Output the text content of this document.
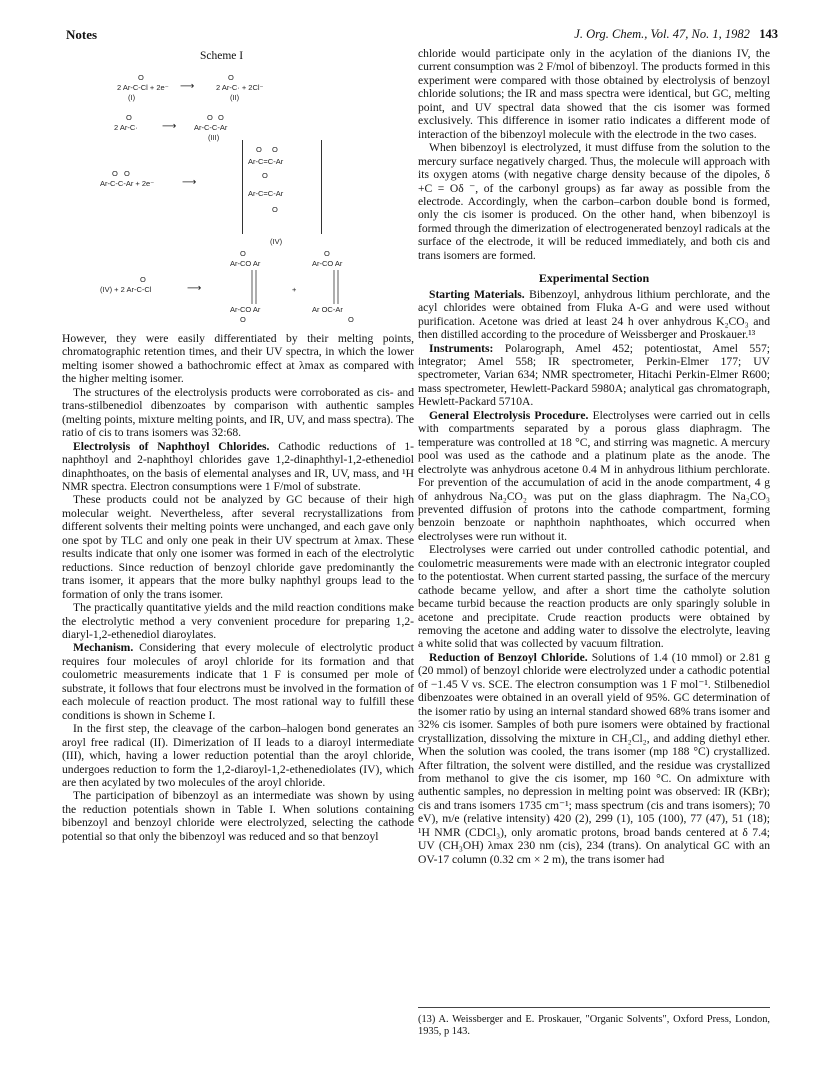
Notes	J. Org. Chem., Vol. 47, No. 1, 1982 143
Scheme I
O
2 Ar-C-Cl + 2e⁻
(I)
⟶
O
2 Ar-C· + 2Cl⁻
(II)
O
2 Ar-C· ⟶
O O
Ar-C-C-Ar
(III)
O O
Ar-C-C-Ar + 2e⁻	⟶
O O
Ar-C=C-Ar
O
Ar-C=C-Ar
O
(IV)
O
(IV) + 2 Ar-C-Cl	⟶
O
Ar-CO Ar
Ar-CO Ar
O
+
O
Ar-CO Ar
Ar OC-Ar
O

However, they were easily differentiated by their melting points, chromatographic retention times, and their UV spectra, in which the lower melting isomer showed a bathochromic effect at λmax as compared with the higher melting isomer.

The structures of the electrolysis products were corroborated as cis- and trans-stilbenediol dibenzoates by comparison with authentic samples (melting points, mixture melting points, and IR, UV, and mass spectra). The ratio of cis to trans isomers was 32:68.

Electrolysis of Naphthoyl Chlorides. Cathodic reductions of 1-naphthoyl and 2-naphthoyl chlorides gave 1,2-dinaphthyl-1,2-ethenediol dinaphthoates, on the basis of elemental analyses and IR, UV, mass, and ¹H NMR spectra. Electron consumptions were 1 F/mol of substrate.

These products could not be analyzed by GC because of their high molecular weight. Nevertheless, after several recrystallizations from different solvents their melting points were unchanged, and each gave only one spot by TLC and only one peak in their UV spectrum at λmax. These results indicate that only one isomer was formed in each of the electrolytic reductions. Since reduction of benzoyl chloride gave predominantly the trans isomer, it appears that the more bulky naphthyl groups lead to the formation of only the trans isomer.

The practically quantitative yields and the mild reaction conditions make the electrolytic method a very convenient procedure for preparing 1,2-diaryl-1,2-ethenediol diaroylates.

Mechanism. Considering that every molecule of electrolytic product requires four molecules of aroyl chloride for its formation and that coulometric measurements indicate that 1 F is consumed per mole of substrate, it follows that four electrons must be involved in the formation of each molecule of reaction product. The most rational way to fulfill these conditions is shown in Scheme I.

In the first step, the cleavage of the carbon–halogen bond generates an aroyl free radical (II). Dimerization of II leads to a diaroyl intermediate (III), which, having a lower reduction potential than the aroyl chloride, undergoes reduction to form the 1,2-diaroyl-1,2-ethenediolates (IV), which are then acylated by two molecules of the aroyl chloride.

The participation of bibenzoyl as an intermediate was shown by using the reduction potentials shown in Table I. When solutions containing bibenzoyl and benzoyl chloride were electrolyzed, selecting the cathode potential so that only the bibenzoyl was reduced and so that benzoyl

chloride would participate only in the acylation of the dianions IV, the current consumption was 2 F/mol of bibenzoyl. The products formed in this experiment were compared with those obtained by electrolysis of benzoyl chloride solutions; the IR and mass spectra were identical, but GC, melting point, and UV spectral data showed that the cis isomer was formed exclusively. This difference in isomer ratio indicates a different mode of interaction of the bibenzoyl molecule with the electrode in the two cases.

When bibenzoyl is electrolyzed, it must diffuse from the solution to the mercury surface negatively charged. Thus, the molecule will approach with its oxygen atoms (with negative charge density because of the dipoles, δ +C = Oδ ⁻, of the carbonyl groups) as far away as possible from the electrode. Accordingly, when the carbon–carbon double bond is formed, only the cis isomer is produced. On the other hand, when bibenzoyl is formed through the dimerization of electrogenerated benzoyl radicals at the surface of the electrode, it will be reduced immediately, and both cis and trans isomers are formed.

Experimental Section

Starting Materials. Bibenzoyl, anhydrous lithium perchlorate, and the acyl chlorides were obtained from Fluka A-G and were used without purification. Acetone was dried at least 24 h over anhydrous K₂CO₃ and then distilled according to the procedure of Weissberger and Proskauer.¹³

Instruments: Polarograph, Amel 452; potentiostat, Amel 557; integrator; Amel 558; IR spectrometer, Perkin-Elmer 177; UV spectrometer, Varian 634; NMR spectrometer, Hitachi Perkin-Elmer R600; mass spectrometer, Hewlett-Packard 5980A; analytical gas chromatograph, Hewlett-Packard 5710A.

General Electrolysis Procedure. Electrolyses were carried out in cells with compartments separated by a porous glass diaphragm. The temperature was controlled at 18 °C, and stirring was magnetic. A mercury pool was used as the cathode and a platinum plate as the anode. The electrolyte was anhydrous acetone 0.4 M in anhydrous lithium perchlorate. For prevention of the accumulation of acid in the anode compartment, 4 g of anhydrous Na₂CO₂ was put on the glass diaphragm. The Na₂CO₃ prevented diffusion of protons into the cathode compartment, forming benzoin benzoate or naphthoin naphthoates, which occurred when electrolyses were run without it.

Electrolyses were carried out under controlled cathodic potential, and coulometric measurements were made with an electronic integrator coupled to the potentiostat. When current started passing, the surface of the mercury cathode became yellow, and after a short time the catholyte solution became turbid because the reaction products are only sparingly soluble in acetone and precipitate. Crude reaction products were obtained by removing the acetone and adding water to dissolve the electrolyte, leaving a white solid that was collected by vacuum filtration.

Reduction of Benzoyl Chloride. Solutions of 1.4 (10 mmol) or 2.81 g (20 mmol) of benzoyl chloride were electrolyzed under a cathodic potential of −1.45 V vs. SCE. The electron consumption was 1 F mol⁻¹. Stilbenediol dibenzoates were obtained in an overall yield of 95%. GC determination of the isomer ratio by using an internal standard showed 68% trans isomer and 32% cis isomer. Samples of both pure isomers were obtained by fractional crystallization, dissolving the mixture in CH₂Cl₂, and adding diethyl ether. When the solution was cooled, the trans isomer (mp 188 °C) crystallized. After filtration, the solvent were distilled, and the residue was crystallized from methanol to give the cis isomer, mp 160 °C. On admixture with authentic samples, no depression in melting point was observed: IR (KBr); cis and trans isomers 1735 cm⁻¹; mass spectrum (cis and trans isomers); 70 eV), m/e (relative intensity) 420 (2), 299 (1), 105 (100), 77 (47), 51 (18); ¹H NMR (CDCl₃), only aromatic protons, broad bands centered at δ 7.4; UV (CH₃OH) λmax 230 nm (cis), 234 (trans). On analytical GC with an OV-17 column (0.32 cm × 2 m), the trans isomer had

(13) A. Weissberger and E. Proskauer, "Organic Solvents", Oxford Press, London, 1935, p 143.
